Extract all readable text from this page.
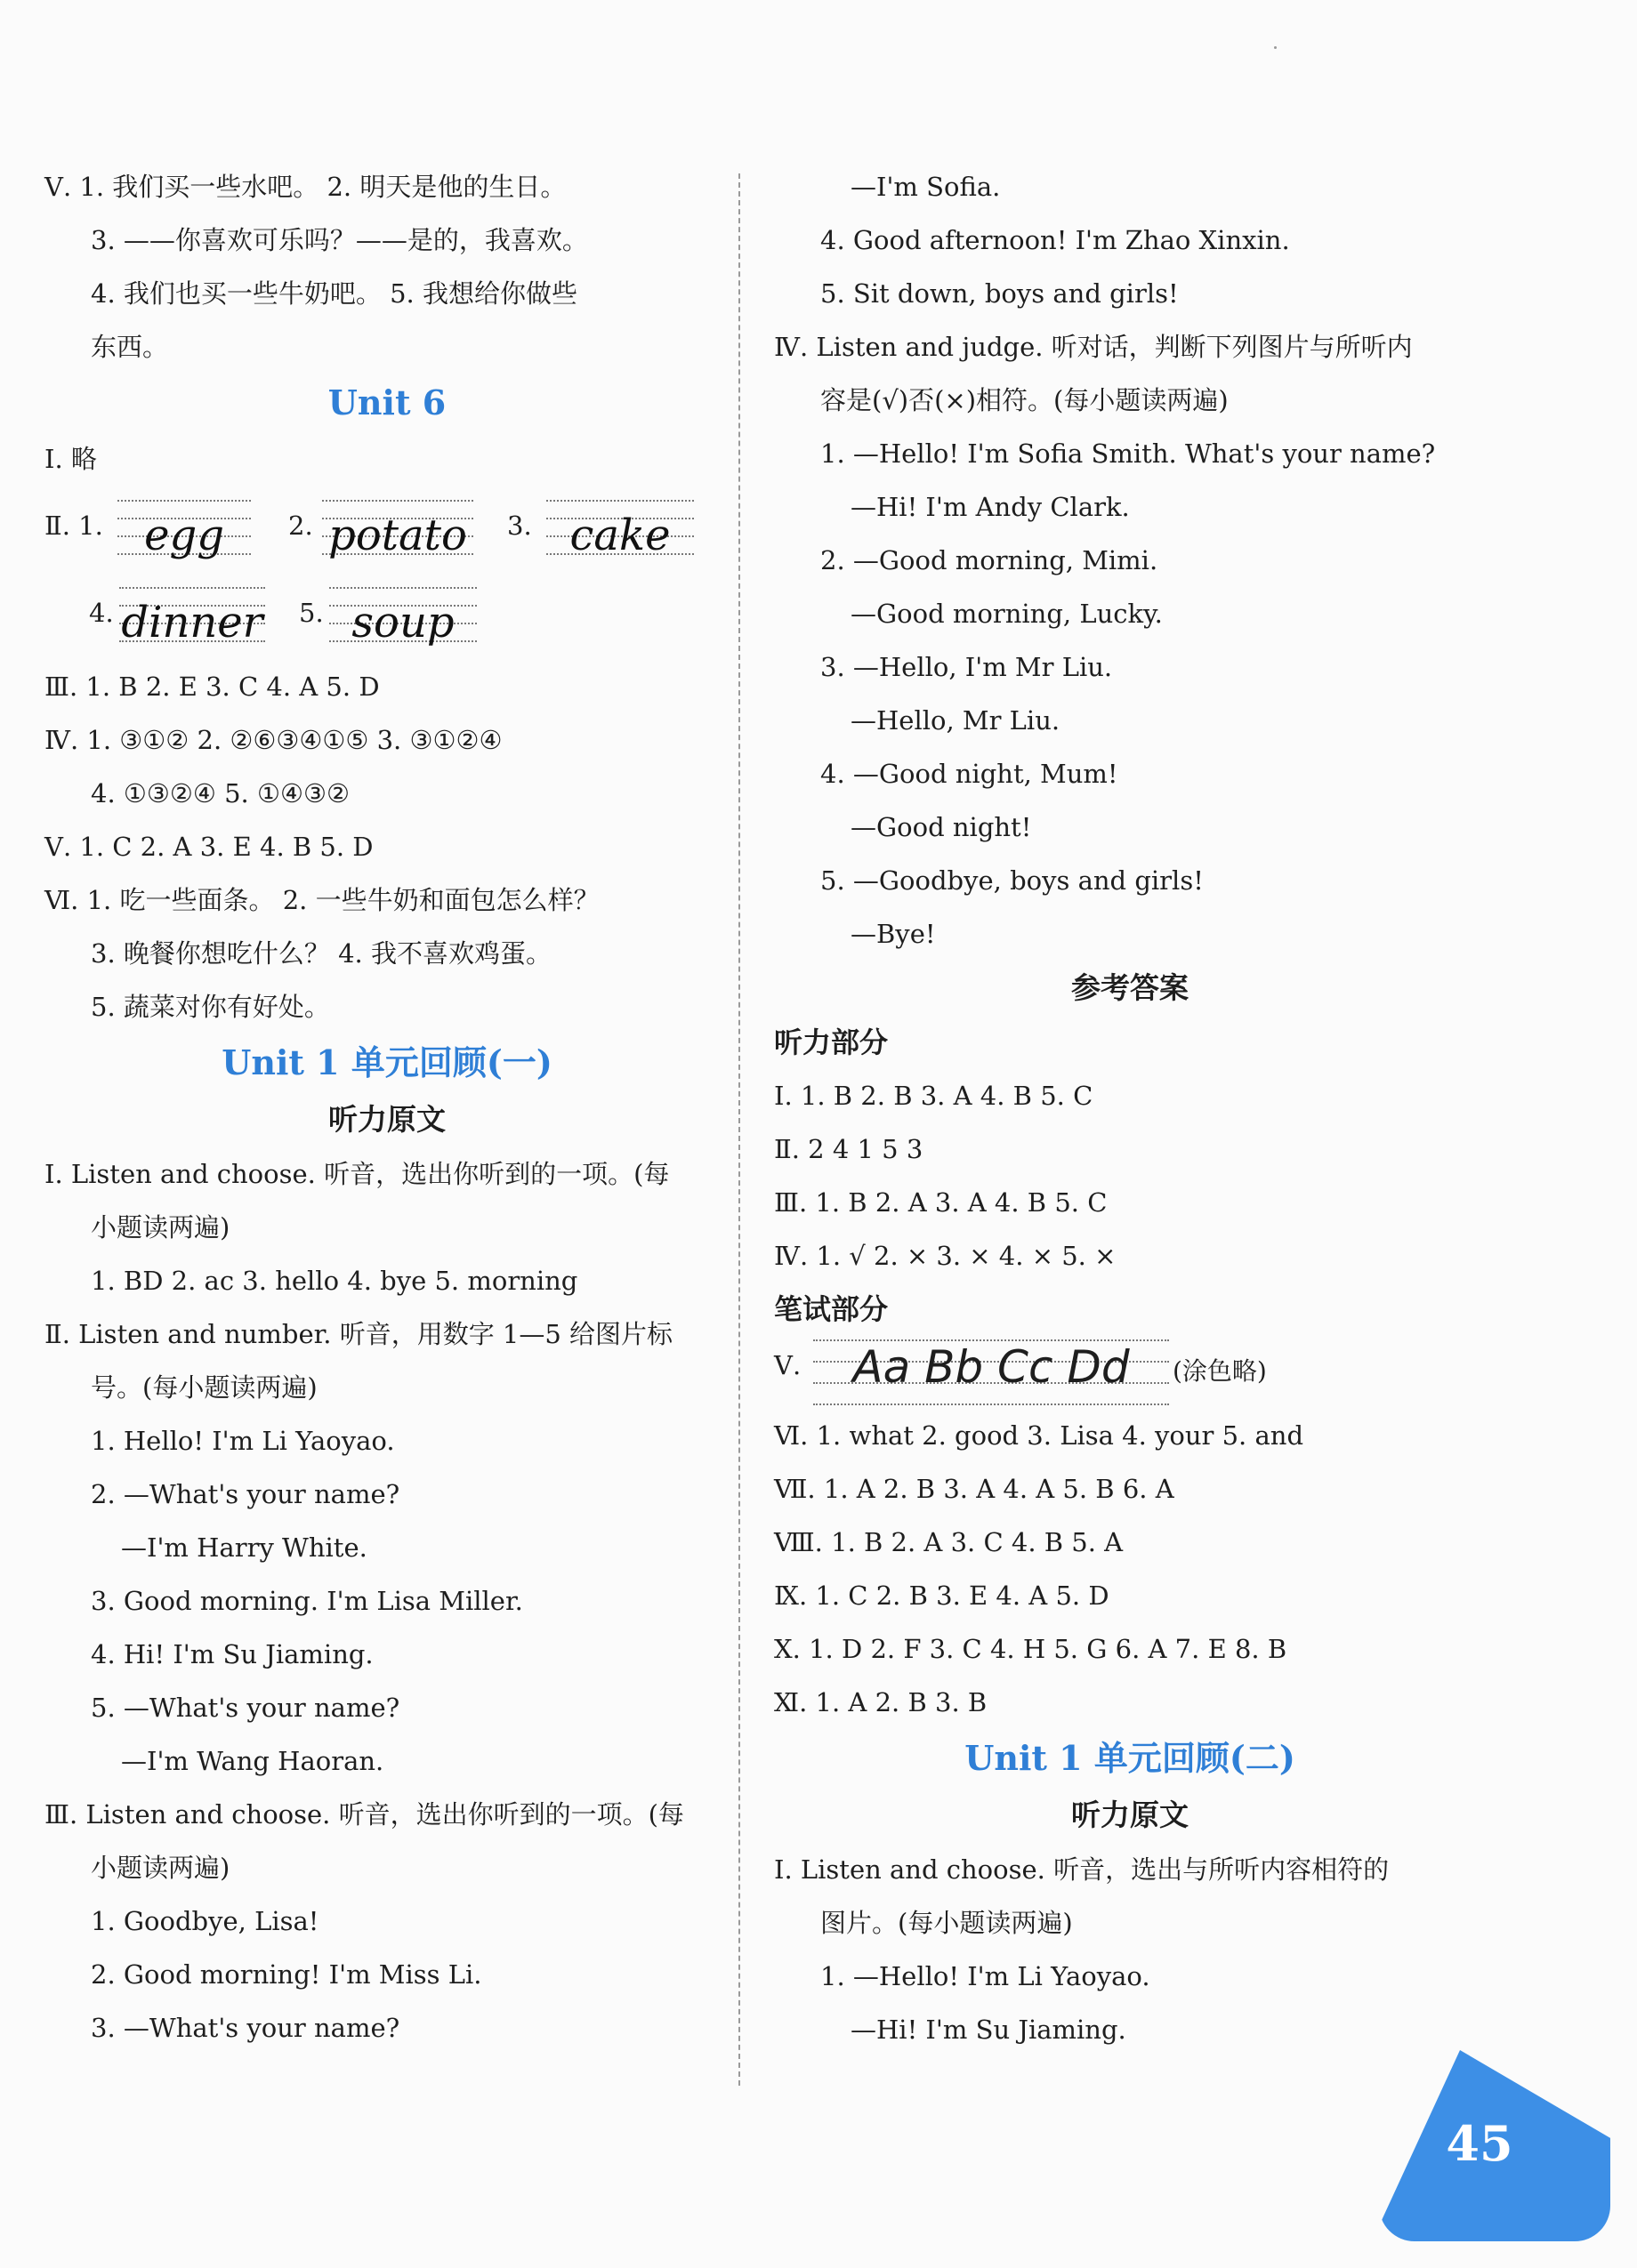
Ⅴ. 1. 我们买一些水吧。 2. 明天是他的生日。
3. ——你喜欢可乐吗？——是的，我喜欢。
4. 我们也买一些牛奶吧。 5. 我想给你做些
东西。
Unit 6
Ⅰ. 略
Ⅱ. 1. egg	2. potato 3. cake
4. dinner 5. soup
Ⅲ. 1. B 2. E 3. C 4. A 5. D
Ⅳ. 1. ③①② 2. ②⑥③④①⑤ 3. ③①②④
4. ①③②④ 5. ①④③②
Ⅴ. 1. C 2. A 3. E 4. B 5. D
Ⅵ. 1. 吃一些面条。 2. 一些牛奶和面包怎么样？
3. 晚餐你想吃什么？ 4. 我不喜欢鸡蛋。
5. 蔬菜对你有好处。
Unit 1 单元回顾(一)
听力原文
Ⅰ. Listen and choose. 听音，选出你听到的一项。(每
小题读两遍)
1. BD 2. ac 3. hello 4. bye 5. morning
Ⅱ. Listen and number. 听音，用数字 1—5 给图片标
号。(每小题读两遍)
1. Hello! I'm Li Yaoyao.
2. —What's your name?
—I'm Harry White.
3. Good morning. I'm Lisa Miller.
4. Hi! I'm Su Jiaming.
5. —What's your name?
—I'm Wang Haoran.
Ⅲ. Listen and choose. 听音，选出你听到的一项。(每
小题读两遍)
1. Goodbye, Lisa!
2. Good morning! I'm Miss Li.
3. —What's your name?
—I'm Sofia.
4. Good afternoon! I'm Zhao Xinxin.
5. Sit down, boys and girls!
Ⅳ. Listen and judge. 听对话，判断下列图片与所听内
容是(√)否(×)相符。(每小题读两遍)
1. —Hello! I'm Sofia Smith. What's your name?
—Hi! I'm Andy Clark.
2. —Good morning, Mimi.
—Good morning, Lucky.
3. —Hello, I'm Mr Liu.
—Hello, Mr Liu.
4. —Good night, Mum!
—Good night!
5. —Goodbye, boys and girls!
—Bye!
参考答案
听力部分
Ⅰ. 1. B 2. B 3. A 4. B 5. C
Ⅱ. 2 4 1 5 3
Ⅲ. 1. B 2. A 3. A 4. B 5. C
Ⅳ. 1. √ 2. × 3. × 4. × 5. ×
笔试部分
Ⅴ.	Aa Bb Cc Dd	(涂色略)
Ⅵ. 1. what 2. good 3. Lisa 4. your 5. and
Ⅶ. 1. A 2. B 3. A 4. A 5. B 6. A
Ⅷ. 1. B 2. A 3. C 4. B 5. A
Ⅸ. 1. C 2. B 3. E 4. A 5. D
Ⅹ. 1. D 2. F 3. C 4. H 5. G 6. A 7. E 8. B
Ⅺ. 1. A 2. B 3. B
Unit 1 单元回顾(二)
听力原文
Ⅰ. Listen and choose. 听音，选出与所听内容相符的
图片。(每小题读两遍)
1. —Hello! I'm Li Yaoyao.
—Hi! I'm Su Jiaming.
45
